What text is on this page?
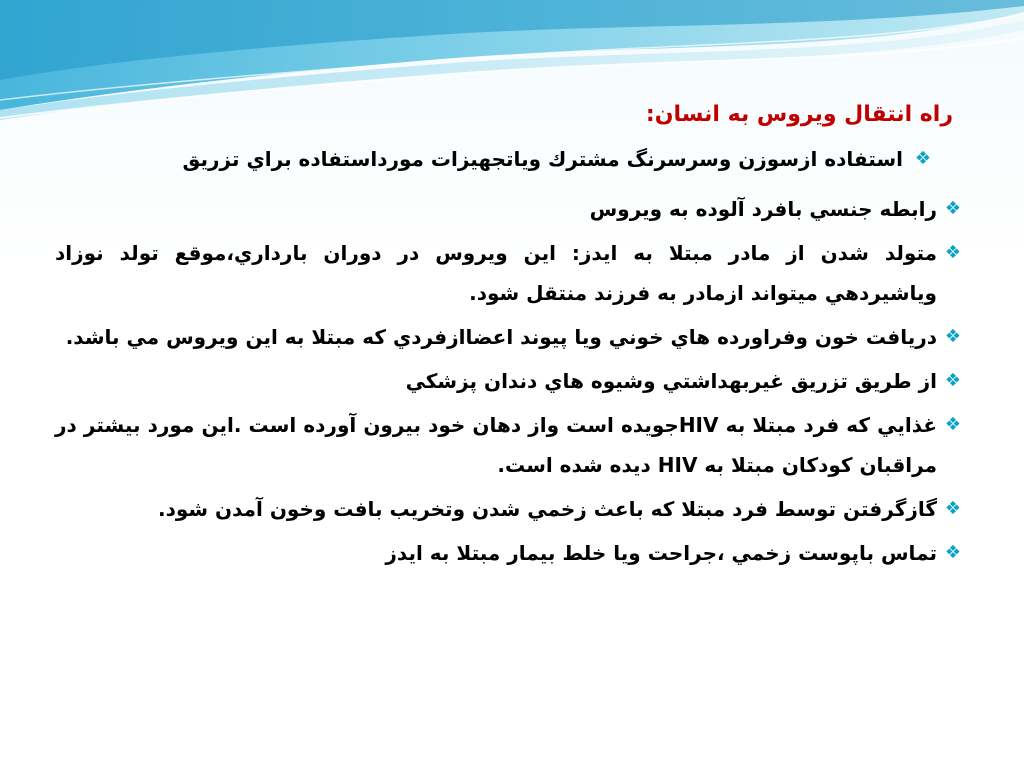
راه انتقال ويروس به انسان:
❖
استفاده ازسوزن وسرسرنگ مشترك وياتجهيزات مورداستفاده براي تزريق
❖
رابطه جنسي بافرد آلوده به ويروس
❖
متولد شدن از مادر مبتلا به ايدز: اين ويروس در دوران بارداري،موقع تولد نوزاد وياشيردهي ميتواند ازمادر به فرزند منتقل شود.
❖
دريافت خون وفراورده هاي خوني ويا پيوند اعضاازفردي كه مبتلا به اين ويروس مي باشد.
❖
از طريق تزريق غيربهداشتي وشيوه هاي دندان پزشكي
❖
غذايي كه فرد مبتلا به HIVجويده است واز دهان خود بيرون آورده است .اين مورد بيشتر در مراقبان كودكان مبتلا به HIV ديده شده است.
❖
گازگرفتن توسط فرد مبتلا كه باعث زخمي شدن وتخريب بافت وخون آمدن شود.
❖
تماس باپوست زخمي ،جراحت ويا خلط بيمار مبتلا به ايدز
